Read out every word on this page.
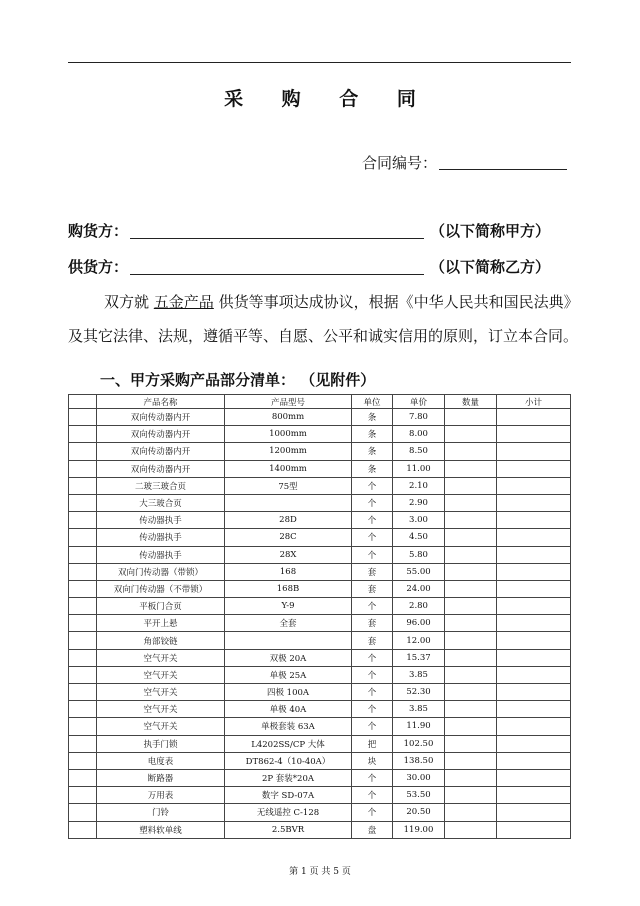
采 购 合 同
合同编号：
购货方：	（以下简称甲方）
供货方：	（以下简称乙方）
双方就 五金产品 供货等事项达成协议，根据《中华人民共和国民法典》及其它法律、法规，遵循平等、自愿、公平和诚实信用的原则，订立本合同。
一、甲方采购产品部分清单： （见附件）
	产品名称	产品型号	单位	单价	数量	小计
	双向传动器内开	800mm	条	7.80		
	双向传动器内开	1000mm	条	8.00		
	双向传动器内开	1200mm	条	8.50		
	双向传动器内开	1400mm	条	11.00		
	二玻三玻合页	75型	个	2.10		
	大三玻合页		个	2.90		
	传动器执手	28D	个	3.00		
	传动器执手	28C	个	4.50		
	传动器执手	28X	个	5.80		
	双向门传动器（带锁）	168	套	55.00		
	双向门传动器（不带锁）	168B	套	24.00		
	平板门合页	Y-9	个	2.80		
	平开上悬	全套	套	96.00		
	角部铰链		套	12.00		
	空气开关	双极 20A	个	15.37		
	空气开关	单极 25A	个	3.85		
	空气开关	四极 100A	个	52.30		
	空气开关	单极 40A	个	3.85		
	空气开关	单极套装 63A	个	11.90		
	执手门锁	L4202SS/CP 大体	把	102.50		
	电度表	DT862-4（10-40A）	块	138.50		
	断路器	2P 套装*20A	个	30.00		
	万用表	数字 SD-07A	个	53.50		
	门铃	无线遥控 C-128	个	20.50		
	塑料软单线	2.5BVR	盘	119.00		
第 1 页 共 5 页
